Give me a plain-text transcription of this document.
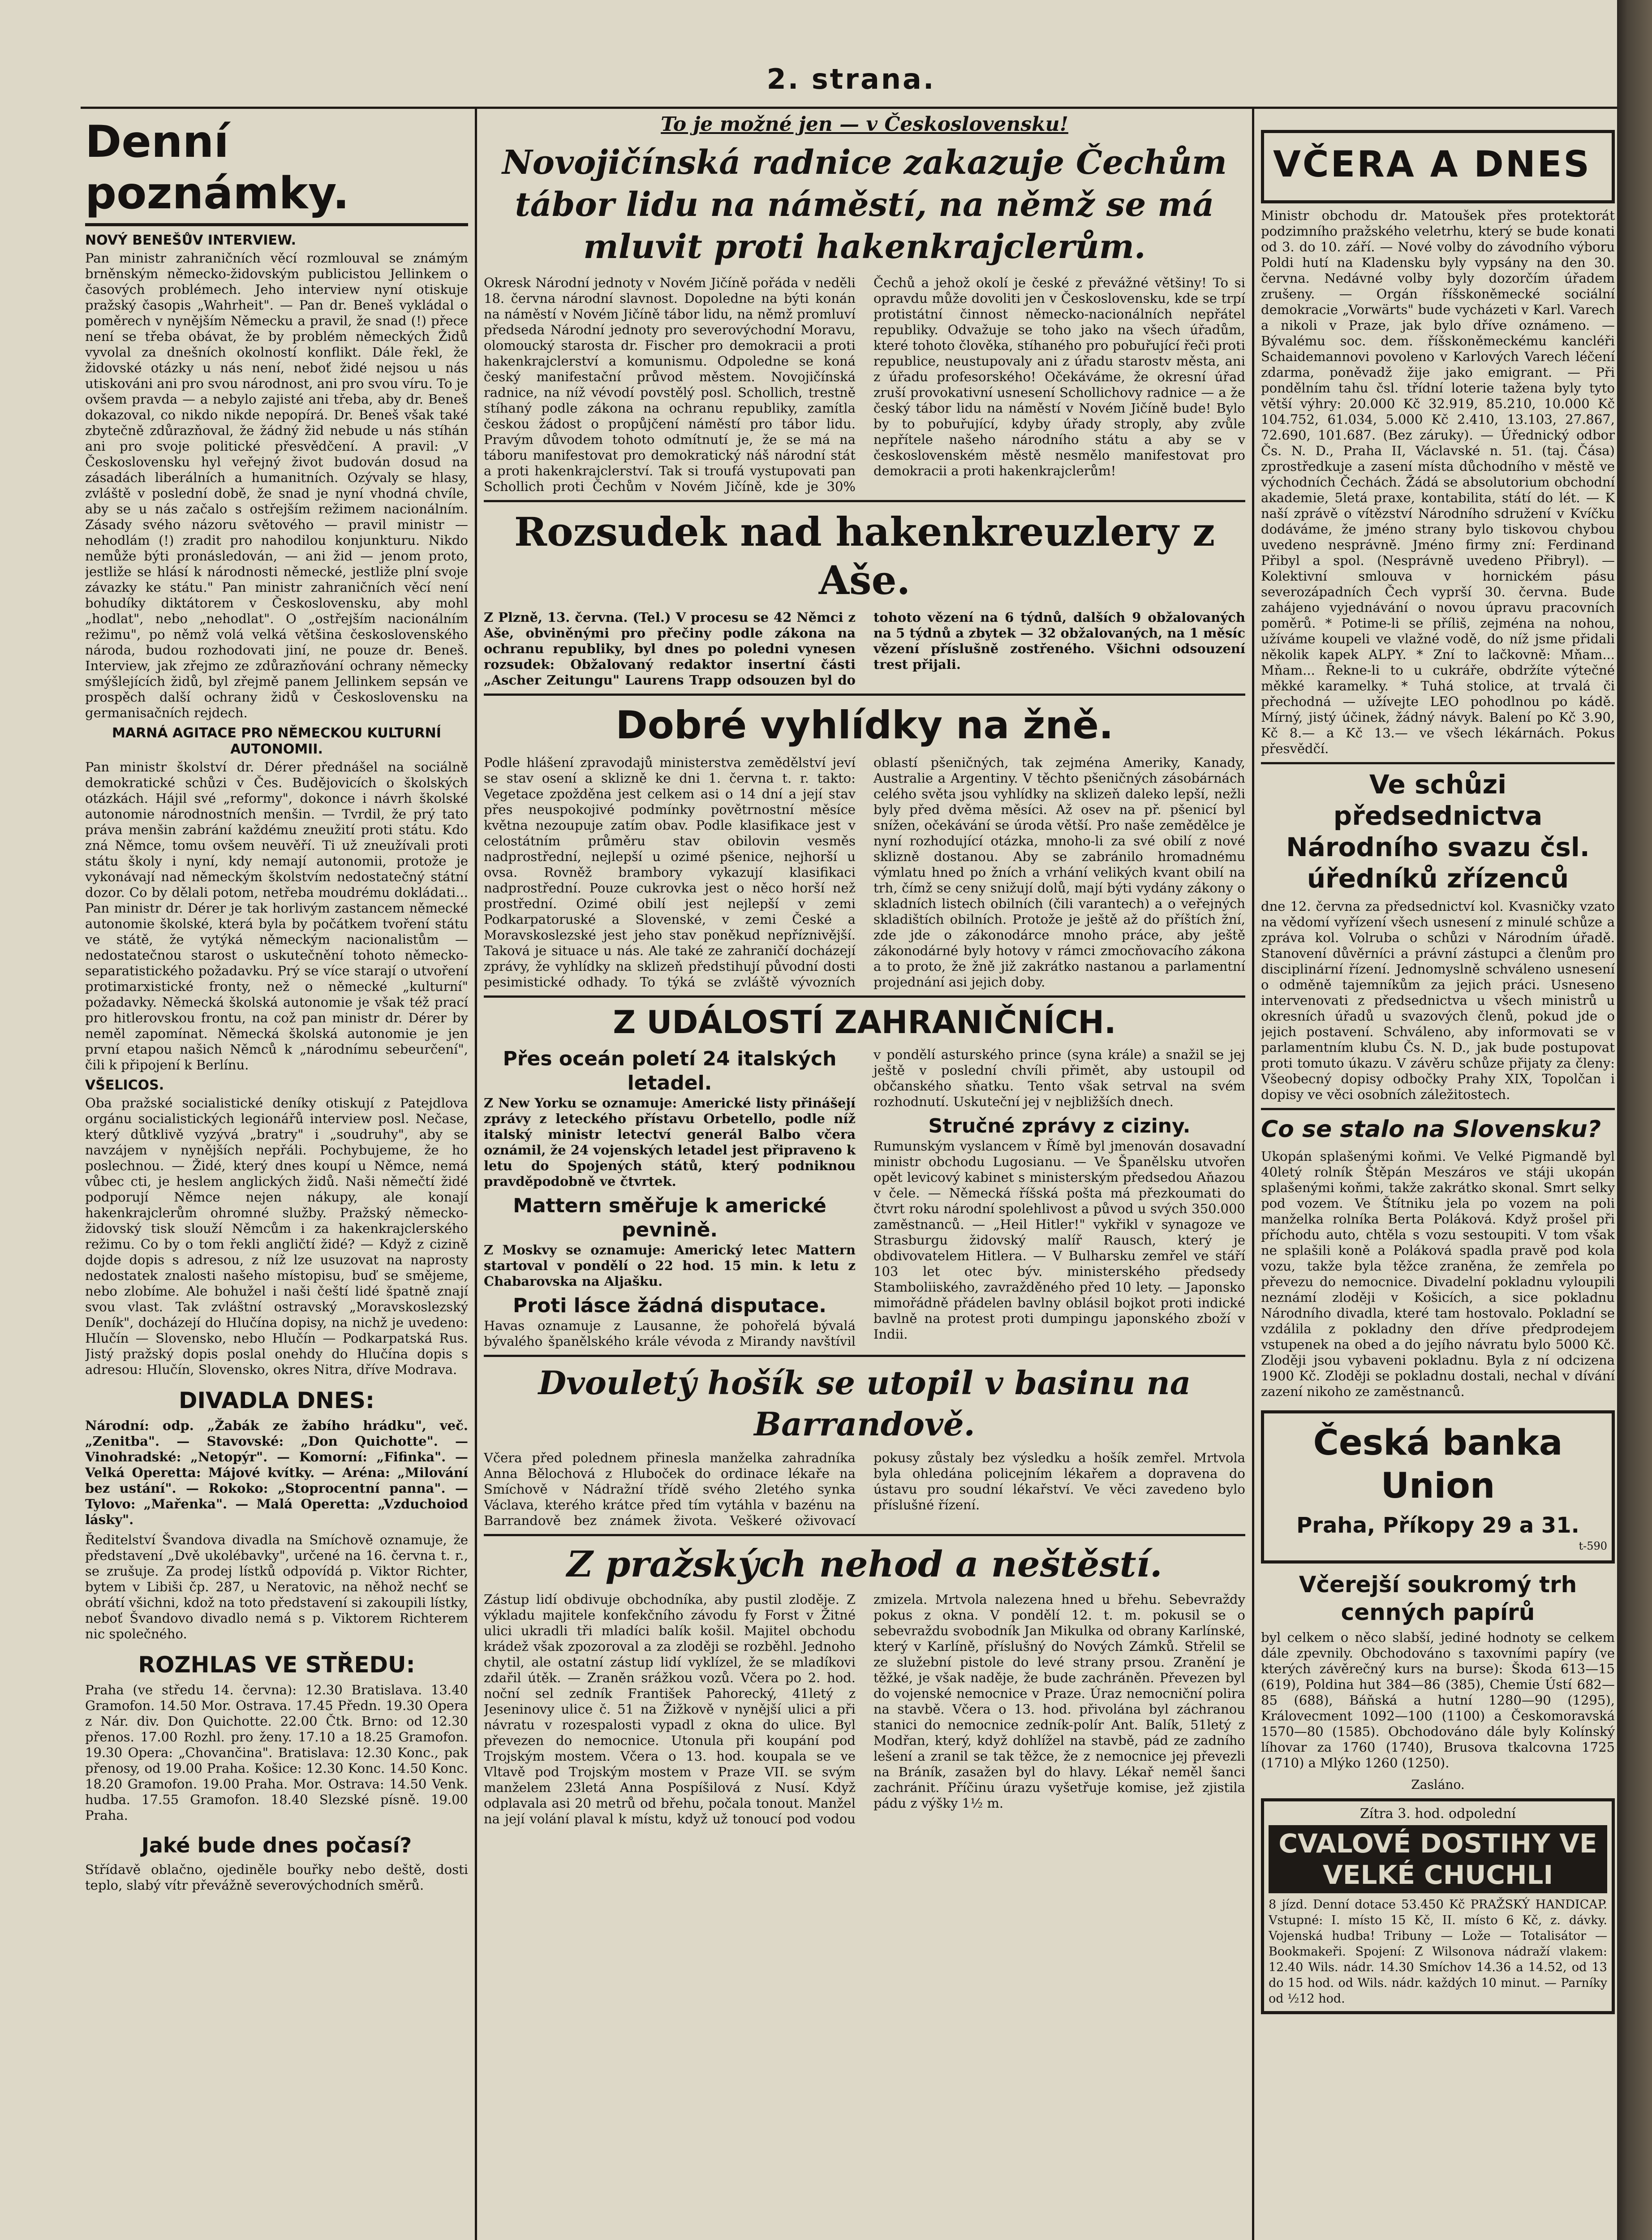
2. strana.
Denní poznámky.
NOVÝ BENEŠŮV INTERVIEW.

Pan ministr zahraničních věcí rozmlouval se známým brněnským německo-židovským publicistou Jellinkem o časových problémech. Jeho interview nyní otiskuje pražský časopis „Wahrheit". — Pan dr. Beneš vykládal o poměrech v nynějším Německu a pravil, že snad (!) přece není se třeba obávat, že by problém německých Židů vyvolal za dnešních okolností konflikt. Dále řekl, že židovské otázky u nás není, neboť židé nejsou u nás utiskováni ani pro svou národnost, ani pro svou víru. To je ovšem pravda — a nebylo zajisté ani třeba, aby dr. Beneš dokazoval, co nikdo nikde nepopírá. Dr. Beneš však také zbytečně zdůrazňoval, že žádný žid nebude u nás stíhán ani pro svoje politické přesvědčení. A pravil: „V Československu hyl veřejný život budován dosud na zásadách liberálních a humanitních. Ozývaly se hlasy, zvláště v poslední době, že snad je nyní vhodná chvíle, aby se u nás začalo s ostřejším režimem nacionálním. Zásady svého názoru světového — pravil ministr — nehodlám (!) zradit pro nahodilou konjunkturu. Nikdo nemůže býti pronásledován, — ani žid — jenom proto, jestliže se hlásí k národnosti německé, jestliže plní svoje závazky ke státu." Pan ministr zahraničních věcí není bohudíky diktátorem v Československu, aby mohl „hodlat", nebo „nehodlat". O „ostřejším nacionálním režimu", po němž volá velká většina československého národa, budou rozhodovati jiní, ne pouze dr. Beneš. Interview, jak zřejmo ze zdůrazňování ochrany německy smýšlejících židů, byl zřejmě panem Jellinkem sepsán ve prospěch další ochrany židů v Československu na germanisačních rejdech.

MARNÁ AGITACE PRO NĚMECKOU KULTURNÍ AUTONOMII.

Pan ministr školství dr. Dérer přednášel na sociálně demokratické schůzi v Čes. Budějovicích o školských otázkách. Hájil své „reformy", dokonce i návrh školské autonomie národnostních menšin. — Tvrdil, že prý tato práva menšin zabrání každému zneužití proti státu. Kdo zná Němce, tomu ovšem neuvěří. Ti už zneužívali proti státu školy i nyní, kdy nemají autonomii, protože je vykonávají nad německým školstvím nedostatečný státní dozor. Co by dělali potom, netřeba moudrému dokládati... Pan ministr dr. Dérer je tak horlivým zastancem německé autonomie školské, která byla by počátkem tvoření státu ve státě, že vytýká německým nacionalistům — nedostatečnou starost o uskutečnění tohoto německo-separatistického požadavku. Prý se více starají o utvoření protimarxistické fronty, než o německé „kulturní" požadavky. Německá školská autonomie je však též prací pro hitlerovskou frontu, na což pan ministr dr. Dérer by neměl zapomínat. Německá školská autonomie je jen první etapou našich Němců k „národnímu sebeurčení", čili k připojení k Berlínu.

VŠELICOS.

Oba pražské socialistické deníky otiskují z Patejdlova orgánu socialistických legionářů interview posl. Nečase, který důtklivě vyzývá „bratry" i „soudruhy", aby se navzájem v nynějších nepřáli. Pochybujeme, že ho poslechnou. — Židé, který dnes koupí u Němce, nemá vůbec cti, je heslem anglických židů. Naši němečtí židé podporují Němce nejen nákupy, ale konají hakenkrajclerům ohromné služby. Pražský německo-židovský tisk slouží Němcům i za hakenkrajclerského režimu. Co by o tom řekli angličtí židé? — Když z cizině dojde dopis s adresou, z níž lze usuzovat na naprosty nedostatek znalosti našeho místopisu, buď se smějeme, nebo zlobíme. Ale bohužel i naši čeští lidé špatně znají svou vlast. Tak zvláštní ostravský „Moravskoslezský Deník", docházejí do Hlučína dopisy, na nichž je uvedeno: Hlučín — Slovensko, nebo Hlučín — Podkarpatská Rus. Jistý pražský dopis poslal onehdy do Hlučína dopis s adresou: Hlučín, Slovensko, okres Nitra, dříve Modrava.

DIVADLA DNES:

Národní: odp. „Žabák ze žabího hrádku", več. „Zenitba". — Stavovské: „Don Quichotte". — Vinohradské: „Netopýr". — Komorní: „Fifinka". — Velká Operetta: Májové kvítky. — Aréna: „Milování bez ustání". — Rokoko: „Stoprocentní panna". — Tylovo: „Mařenka". — Malá Operetta: „Vzduchoiod lásky".

Ředitelství Švandova divadla na Smíchově oznamuje, že představení „Dvě ukolébavky", určené na 16. června t. r., se zrušuje. Za prodej lístků odpovídá p. Viktor Richter, bytem v Libiši čp. 287, u Neratovic, na něhož nechť se obrátí všichni, kdož na toto představení si zakoupili lístky, neboť Švandovo divadlo nemá s p. Viktorem Richterem nic společného.

ROZHLAS VE STŘEDU:

Praha (ve středu 14. června): 12.30 Bratislava. 13.40 Gramofon. 14.50 Mor. Ostrava. 17.45 Předn. 19.30 Opera z Nár. div. Don Quichotte. 22.00 Čtk. Brno: od 12.30 přenos. 17.00 Rozhl. pro ženy. 17.10 a 18.25 Gramofon. 19.30 Opera: „Chovančina". Bratislava: 12.30 Konc., pak přenosy, od 19.00 Praha. Košice: 12.30 Konc. 14.50 Konc. 18.20 Gramofon. 19.00 Praha. Mor. Ostrava: 14.50 Venk. hudba. 17.55 Gramofon. 18.40 Slezské písně. 19.00 Praha.

Jaké bude dnes počasí?

Střídavě oblačno, ojediněle bouřky nebo deště, dosti teplo, slabý vítr převážně severovýchodních směrů.

To je možné jen — v Československu!
Novojičínská radnice zakazuje Čechům tábor lidu na náměstí, na němž se má mluvit proti hakenkrajclerům.

Okresk Národní jednoty v Novém Jičíně pořáda v neděli 18. června národní slavnost. Dopoledne na býti konán na náměstí v Novém Jičíně tábor lidu, na němž promluví předseda Národní jednoty pro severovýchodní Moravu, olomoucký starosta dr. Fischer pro demokracii a proti hakenkrajclerství a komunismu. Odpoledne se koná český manifestační průvod městem. Novojičínská radnice, na níž vévodí povstělý posl. Schollich, trestně stíhaný podle zákona na ochranu republiky, zamítla českou žádost o propůjčení náměstí pro tábor lidu. Pravým důvodem tohoto odmítnutí je, že se má na táboru manifestovat pro demokratický náš národní stát a proti hakenkrajclerství. Tak si troufá vystupovati pan Schollich proti Čechům v Novém Jičíně, kde je 30% Čechů a jehož okolí je české z převážné většiny! To si opravdu může dovoliti jen v Československu, kde se trpí protistátní činnost německo-nacionálních nepřátel republiky. Odvažuje se toho jako na všech úřadům, které tohoto člověka, stíhaného pro pobuřující řeči proti republice, neustupovaly ani z úřadu starostv města, ani z úřadu profesorského! Očekáváme, že okresní úřad zruší provokativní usnesení Schollichovy radnice — a že český tábor lidu na náměstí v Novém Jičíně bude! Bylo by to pobuřující, kdyby úřady stroply, aby zvůle nepřítele našeho národního státu a aby se v československém městě nesmělo manifestovat pro demokracii a proti hakenkrajclerům!

Rozsudek nad hakenkreuzlery z Aše.

Z Plzně, 13. června. (Tel.) V procesu se 42 Němci z Aše, obviněnými pro přečiny podle zákona na ochranu republiky, byl dnes po poledni vynesen rozsudek: Obžalovaný redaktor insertní části „Ascher Zeitungu" Laurens Trapp odsouzen byl do tohoto vězení na 6 týdnů, dalších 9 obžalovaných na 5 týdnů a zbytek — 32 obžalovaných, na 1 měsíc vězení příslušně zostřeného. Všichni odsouzení trest přijali.

Dobré vyhlídky na žně.

Podle hlášení zpravodajů ministerstva zemědělství jeví se stav osení a sklizně ke dni 1. června t. r. takto: Vegetace zpožděna jest celkem asi o 14 dní a její stav přes neuspokojivé podmínky povětrnostní měsíce května nezoupuje zatím obav. Podle klasifikace jest v celostátním průměru stav obilovin vesměs nadprostřední, nejlepší u ozimé pšenice, nejhorší u ovsa. Rovněž brambory vykazují klasifikaci nadprostřední. Pouze cukrovka jest o něco horší než prostřední. Ozimé obilí jest nejlepší v zemi Podkarpatoruské a Slovenské, v zemi České a Moravskoslezské jest jeho stav poněkud nepříznivější. Taková je situace u nás. Ale také ze zahraničí docházejí zprávy, že vyhlídky na sklizeň předstihují původní dosti pesimistické odhady. To týká se zvláště vývozních oblastí pšeničných, tak zejména Ameriky, Kanady, Australie a Argentiny. V těchto pšeničných zásobárnách celého světa jsou vyhlídky na sklizeň daleko lepší, nežli byly před dvěma měsíci. Až osev na př. pšenicí byl snížen, očekávání se úroda větší. Pro naše zemědělce je nyní rozhodující otázka, mnoho-li za své obilí z nové sklizně dostanou. Aby se zabránilo hromadnému výmlatu hned po žních a vrhání velikých kvant obilí na trh, čímž se ceny snižují dolů, mají býti vydány zákony o skladních listech obilních (čili varantech) a o veřejných skladištích obilních. Protože je ještě až do příštích žní, zde jde o zákonodárce mnoho práce, aby ještě zákonodárné byly hotovy v rámci zmocňovacího zákona a to proto, že žně již zakrátko nastanou a parlamentní projednání asi jejich doby.

Z UDÁLOSTÍ ZAHRANIČNÍCH.
Přes oceán poletí 24 italských letadel.

Z New Yorku se oznamuje: Americké listy přinášejí zprávy z leteckého přístavu Orbetello, podle níž italský ministr letectví generál Balbo včera oznámil, že 24 vojenských letadel jest připraveno k letu do Spojených států, který podniknou pravděpodobně ve čtvrtek.

Mattern směřuje k americké pevnině.

Z Moskvy se oznamuje: Americký letec Mattern startoval v pondělí o 22 hod. 15 min. k letu z Chabarovska na Aljašku.

Proti lásce žádná disputace.

Havas oznamuje z Lausanne, že pohořelá bývalá bývalého španělského krále vévoda z Mirandy navštívil v pondělí asturského prince (syna krále) a snažil se jej ještě v poslední chvíli přimět, aby ustoupil od občanského sňatku. Tento však setrval na svém rozhodnutí. Uskuteční jej v nejbližších dnech.

Stručné zprávy z ciziny.

Rumunským vyslancem v Římě byl jmenován dosavadní ministr obchodu Lugosianu. — Ve Španělsku utvořen opět levicový kabinet s ministerským předsedou Aňazou v čele. — Německá říšská pošta má přezkoumati do čtvrt roku národní spolehlivost a původ u svých 350.000 zaměstnanců. — „Heil Hitler!" vykřikl v synagoze ve Strasburgu židovský malíř Rausch, který je obdivovatelem Hitlera. — V Bulharsku zemřel ve stáří 103 let otec býv. ministerského předsedy Stamboliiského, zavražděného před 10 lety. — Japonsko mimořádně přádelen bavlny oblásil bojkot proti indické bavlně na protest proti dumpingu japonského zboží v Indii.

Dvouletý hošík se utopil v basinu na Barrandově.

Včera před polednem přinesla manželka zahradníka Anna Bělochová z Hluboček do ordinace lékaře na Smíchově v Nádražní třídě svého 2letého synka Václava, kterého krátce před tím vytáhla v bazénu na Barrandově bez známek života. Veškeré oživovací pokusy zůstaly bez výsledku a hošík zemřel. Mrtvola byla ohledána policejním lékařem a dopravena do ústavu pro soudní lékařství. Ve věci zavedeno bylo příslušné řízení.

Z pražských nehod a neštěstí.

Zástup lidí obdivuje obchodníka, aby pustil zloděje. Z výkladu majitele konfekčního závodu fy Forst v Žitné ulici ukradli tři mladíci balík košil. Majitel obchodu krádež však zpozoroval a za zloději se rozběhl. Jednoho chytil, ale ostatní zástup lidí vyklízel, že se mladíkovi zdařil útěk. — Zraněn srážkou vozů. Včera po 2. hod. noční sel zedník František Pahorecký, 41letý z Jeseninovy ulice č. 51 na Žižkově v nynější ulici a při návratu v rozespalosti vypadl z okna do ulice. Byl převezen do nemocnice. Utonula při koupání pod Trojským mostem. Včera o 13. hod. koupala se ve Vltavě pod Trojským mostem v Praze VII. se svým manželem 23letá Anna Pospíšilová z Nusí. Když odplavala asi 20 metrů od břehu, počala tonout. Manžel na její volání plaval k místu, když už tonoucí pod vodou zmizela. Mrtvola nalezena hned u břehu. Sebevraždy pokus z okna. V pondělí 12. t. m. pokusil se o sebevraždu svobodník Jan Mikulka od obrany Karlínské, který v Karlíně, příslušný do Nových Zámků. Střelil se ze služební pistole do levé strany prsou. Zranění je těžké, je však naděje, že bude zachráněn. Převezen byl do vojenské nemocnice v Praze. Úraz nemocniční polira na stavbě. Včera o 13. hod. přivolána byl záchranou stanici do nemocnice zedník-polír Ant. Balík, 51letý z Modřan, který, když dohlížel na stavbě, pád ze zadního lešení a zranil se tak těžce, že z nemocnice jej převezli na Bráník, zasažen byl do hlavy. Lékař neměl šanci zachránit. Příčinu úrazu vyšetřuje komise, jež zjistila pádu z výšky 1½ m.

VČERA A DNES

Ministr obchodu dr. Matoušek přes protektorát podzimního pražského veletrhu, který se bude konati od 3. do 10. září. — Nové volby do závodního výboru Poldi hutí na Kladensku byly vypsány na den 30. června. Nedávné volby byly dozorčím úřadem zrušeny. — Orgán říšskoněmecké sociální demokracie „Vorwärts" bude vycházeti v Karl. Varech a nikoli v Praze, jak bylo dříve oznámeno. — Bývalému soc. dem. říšskoněmeckému kancléři Schaidemannovi povoleno v Karlových Varech léčení zdarma, poněvadž žije jako emigrant. — Při pondělním tahu čsl. třídní loterie tažena byly tyto větší výhry: 20.000 Kč 32.919, 85.210, 10.000 Kč 104.752, 61.034, 5.000 Kč 2.410, 13.103, 27.867, 72.690, 101.687. (Bez záruky). — Úřednický odbor Čs. N. D., Praha II, Václavské n. 51. (taj. Čása) zprostředkuje a zasení místa důchodního v městě ve východních Čechách. Žádá se absolutorium obchodní akademie, 5letá praxe, kontabilita, státí do lét. — K naší zprávě o vítězství Národního sdružení v Kvíčku dodáváme, že jméno strany bylo tiskovou chybou uvedeno nesprávně. Jméno firmy zní: Ferdinand Přibyl a spol. (Nesprávně uvedeno Přibryl). — Kolektivní smlouva v hornickém pásu severozápadních Čech vyprší 30. června. Bude zahájeno vyjednávání o novou úpravu pracovních poměrů. * Potime-li se příliš, zejména na nohou, užíváme koupeli ve vlažné vodě, do níž jsme přidali několik kapek ALPY. * Zní to lačkovně: Mňam... Mňam... Řekne-li to u cukráře, obdržíte výtečné měkké karamelky. * Tuhá stolice, at trvalá či přechodná — užívejte LEO pohodlnou po kádě. Mírný, jistý účinek, žádný návyk. Balení po Kč 3.90, Kč 8.— a Kč 13.— ve všech lékárnách. Pokus přesvědčí.

Ve schůzi předsednictva Národního svazu čsl. úředníků zřízenců

dne 12. června za předsednictví kol. Kvasničky vzato na vědomí vyřízení všech usnesení z minulé schůze a zpráva kol. Volruba o schůzi v Národním úřadě. Stanovení důvěrníci a právní zástupci a členům pro disciplinární řízení. Jednomyslně schváleno usnesení o odměně tajemníkům za jejich práci. Usneseno intervenovati z předsednictva u všech ministrů u okresních úřadů u svazových členů, pokud jde o jejich postavení. Schváleno, aby informovati se v parlamentním klubu Čs. N. D., jak bude postupovat proti tomuto úkazu. V závěru schůze přijaty za členy: Všeobecný dopisy odbočky Prahy XIX, Topolčan i dopisy ve věci osobních záležitostech.

Co se stalo na Slovensku?

Ukopán splašenými koňmi. Ve Velké Pigmandě byl 40letý rolník Štěpán Meszáros ve stáji ukopán splašenými koňmi, takže zakrátko skonal. Smrt selky pod vozem. Ve Štítniku jela po vozem na poli manželka rolníka Berta Poláková. Když prošel při příchodu auto, chtěla s vozu sestoupiti. V tom však ne splašili koně a Poláková spadla pravě pod kola vozu, takže byla těžce zraněna, že zemřela po převezu do nemocnice. Divadelní pokladnu vyloupili neznámí zloději v Košicích, a sice pokladnu Národního divadla, které tam hostovalo. Pokladní se vzdálila z pokladny den dříve předprodejem vstupenek na obed a do jejího návratu bylo 5000 Kč. Zloději jsou vybaveni pokladnu. Byla z ní odcizena 1900 Kč. Zloději se pokladnu dostali, nechal v dívání zazení nikoho ze zaměstnanců.

Česká banka Union
Praha, Příkopy 29 a 31.
t-590
Včerejší soukromý trh cenných papírů

byl celkem o něco slabší, jediné hodnoty se celkem dále zpevnily. Obchodováno s taxovními papíry (ve kterých závěrečný kurs na burse): Škoda 613—15 (619), Poldina hut 384—86 (385), Chemie Ústí 682—85 (688), Báňská a hutní 1280—90 (1295), Královecment 1092—100 (1100) a Českomoravská 1570—80 (1585). Obchodováno dále byly Kolínský líhovar za 1760 (1740), Brusova tkalcovna 1725 (1710) a Mlýko 1260 (1250).

Zasláno.
Zítra 3. hod. odpolední
CVALOVÉ DOSTIHY VE VELKÉ CHUCHLI

8 jízd. Denní dotace 53.450 Kč PRAŽSKÝ HANDICAP. Vstupné: I. místo 15 Kč, II. místo 6 Kč, z. dávky. Vojenská hudba! Tribuny — Lože — Totalisátor — Bookmakeři. Spojení: Z Wilsonova nádraží vlakem: 12.40 Wils. nádr. 14.30 Smíchov 14.36 a 14.52, od 13 do 15 hod. od Wils. nádr. každých 10 minut. — Parníky od ½12 hod.
